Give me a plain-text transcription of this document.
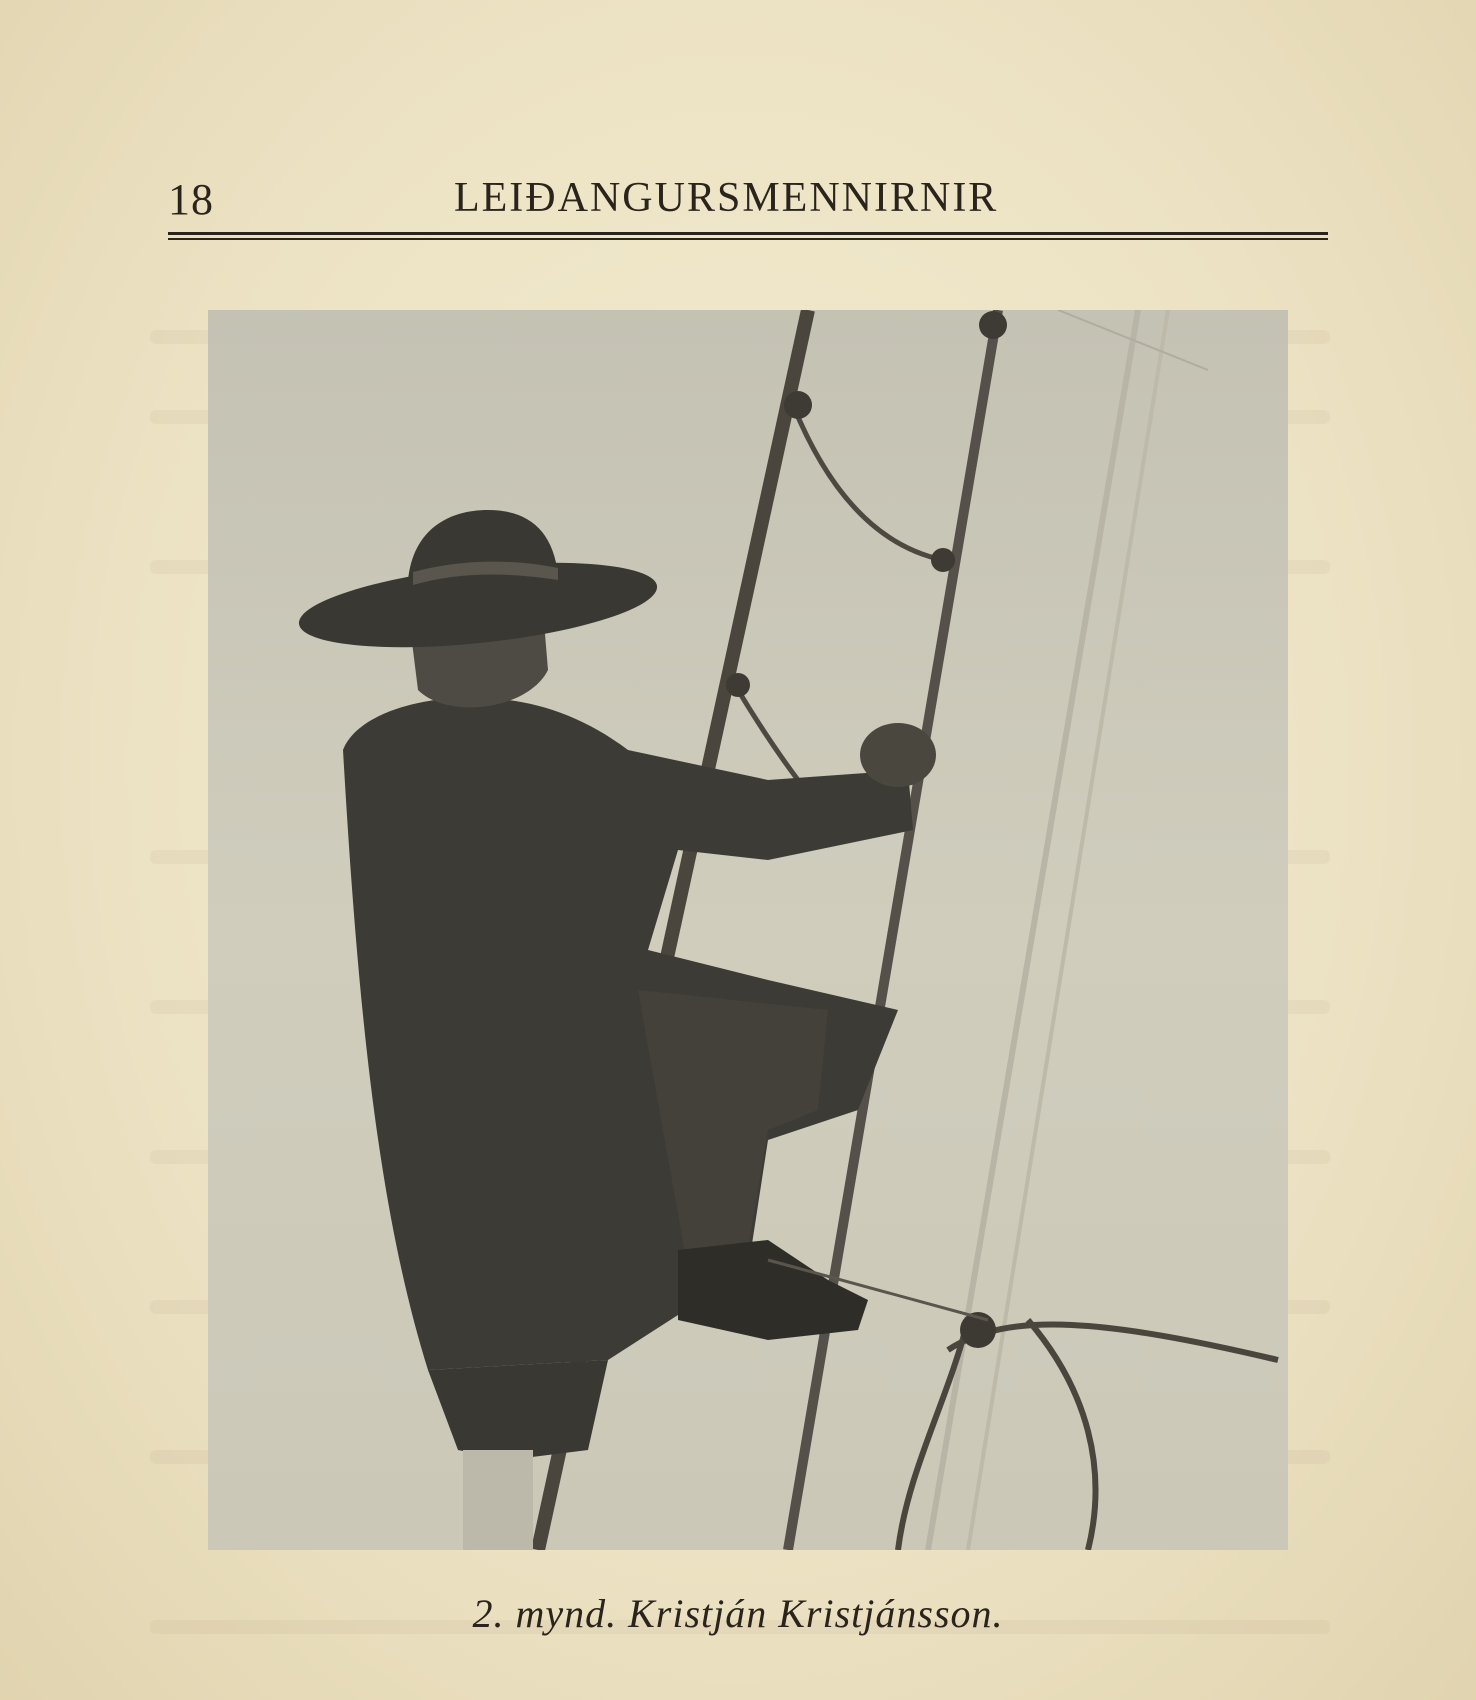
18	LEIÐANGURSMENNIRNIR
2. mynd. Kristján Kristjánsson.
